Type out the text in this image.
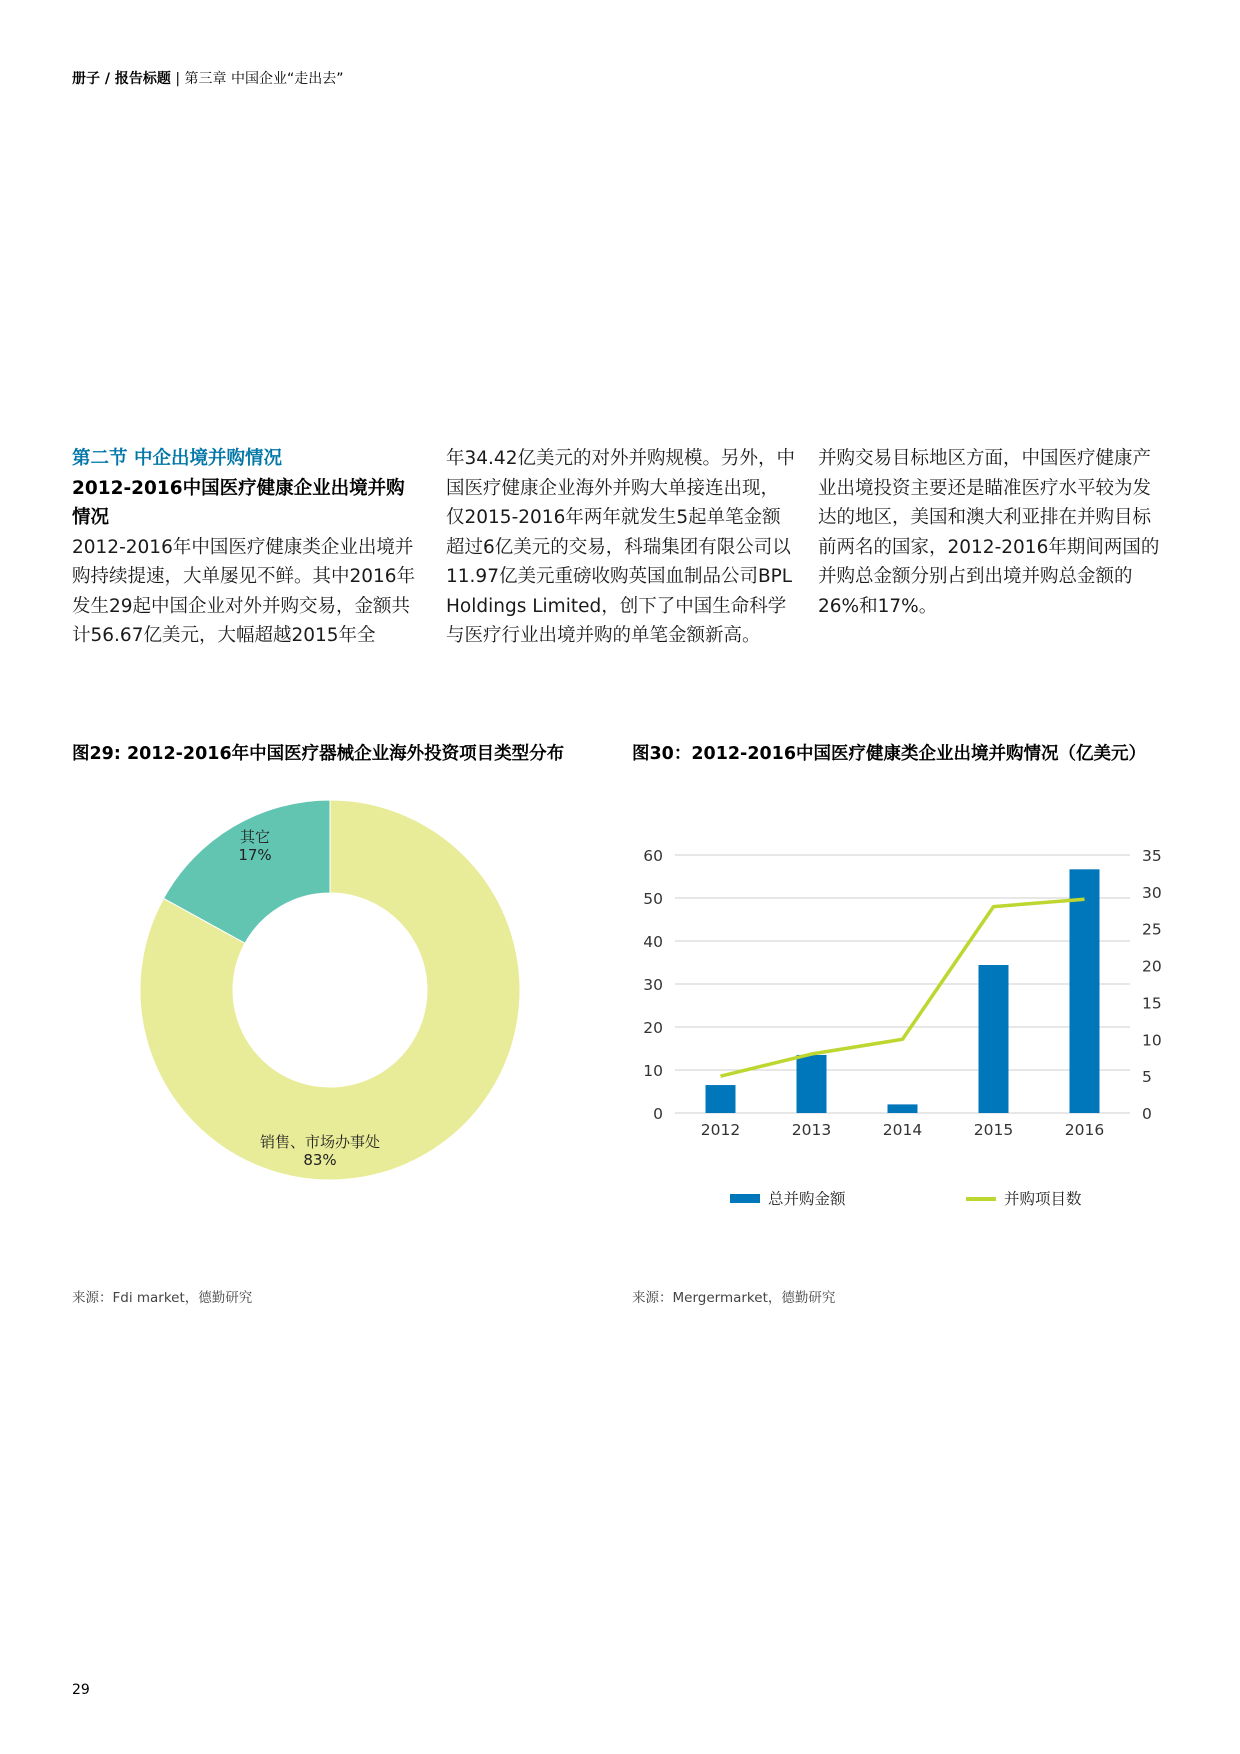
册子 / 报告标题 | 第三章 中国企业“走出去”
第二节 中企出境并购情况
2012-2016中国医疗健康企业出境并购情况

2012-2016年中国医疗健康类企业出境并购持续提速，大单屡见不鲜。其中2016年发生29起中国企业对外并购交易，金额共计56.67亿美元，大幅超越2015年全

年34.42亿美元的对外并购规模。另外，中国医疗健康企业海外并购大单接连出现，仅2015-2016年两年就发生5起单笔金额超过6亿美元的交易，科瑞集团有限公司以11.97亿美元重磅收购英国血制品公司BPL Holdings Limited，创下了中国生命科学与医疗行业出境并购的单笔金额新高。

并购交易目标地区方面，中国医疗健康产业出境投资主要还是瞄准医疗水平较为发达的地区，美国和澳大利亚排在并购目标前两名的国家，2012-2016年期间两国的并购总金额分别占到出境并购总金额的26%和17%。

图29: 2012-2016年中国医疗器械企业海外投资项目类型分布	图30：2012-2016中国医疗健康类企业出境并购情况（亿美元）
其它
17%
销售、市场办事处
83%
0
10
20
30
40
50
60
0
5
10
15
20
25
30
35
2012	2013	2014	2015	2016
总并购金额	并购项目数
来源：Fdi market，德勤研究	来源：Mergermarket，德勤研究
29
